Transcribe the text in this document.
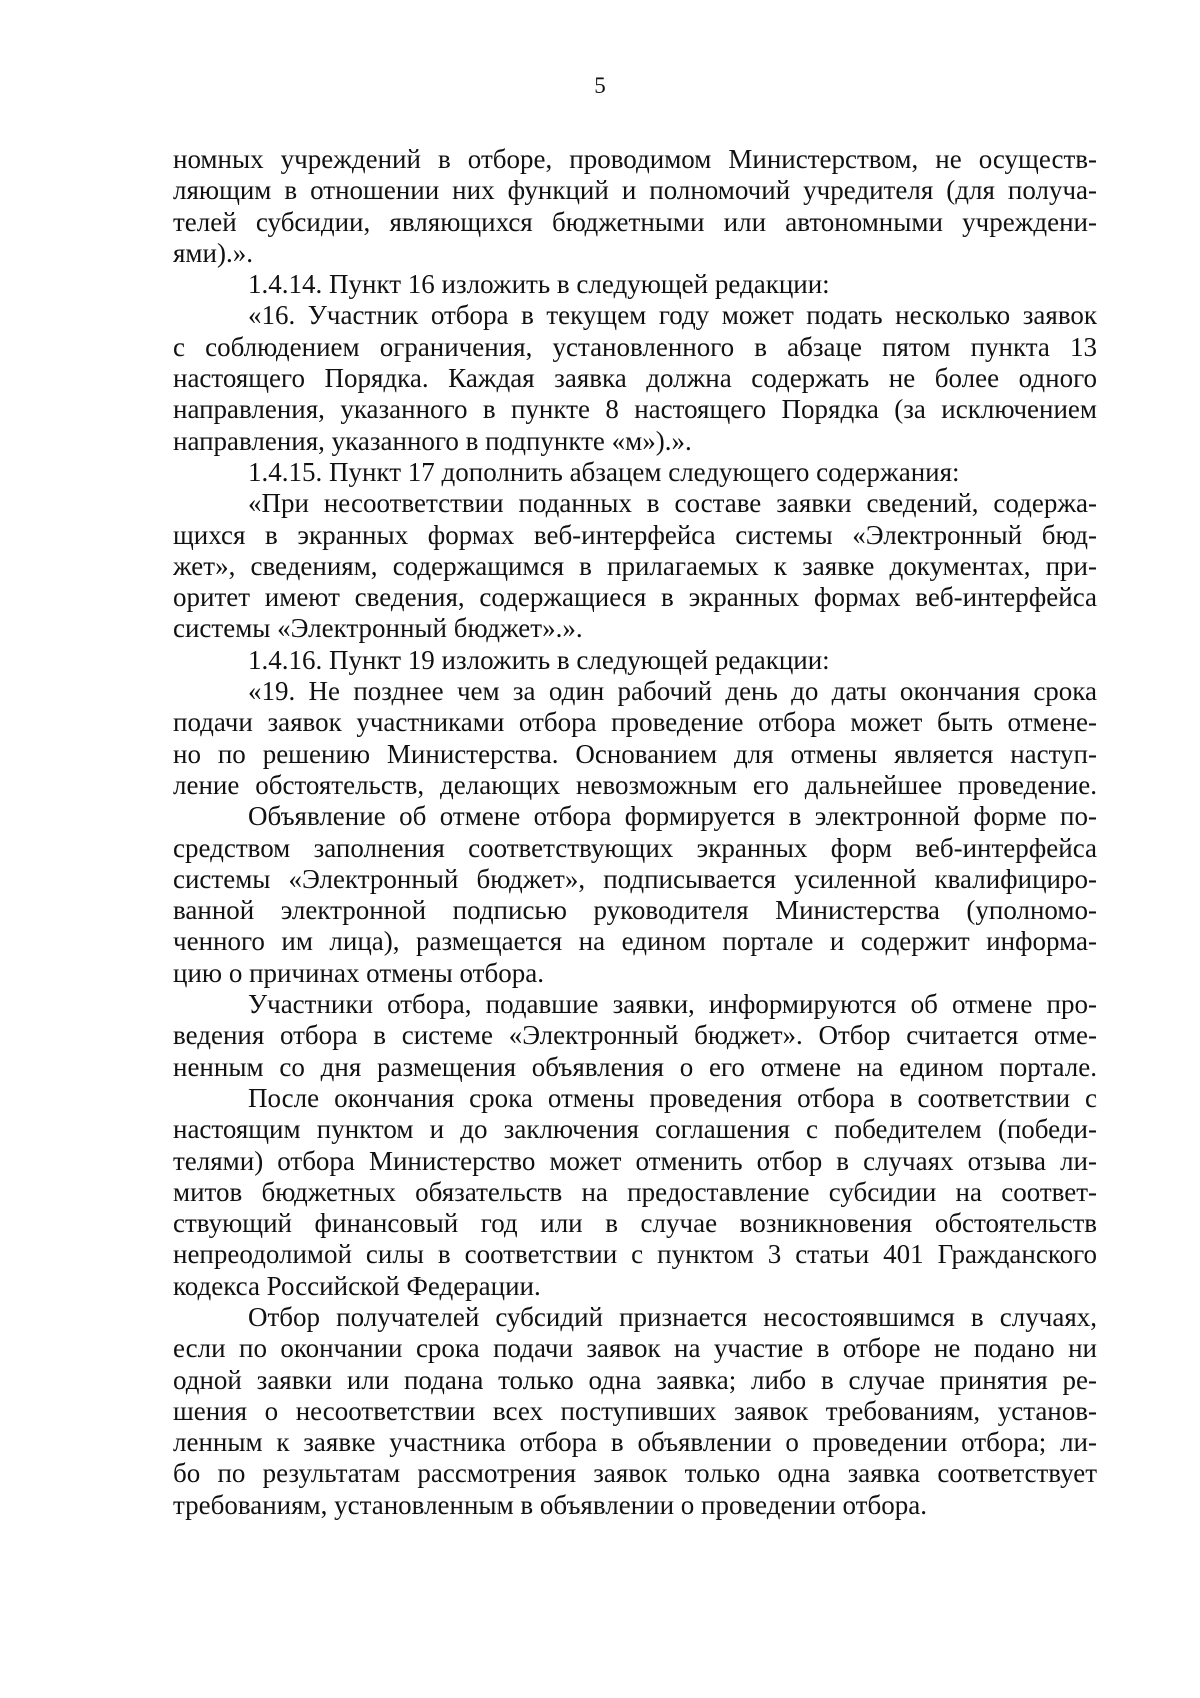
5
номных учреждений в отборе, проводимом Министерством, не осуществ-
ляющим в отношении них функций и полномочий учредителя (для получа-
телей субсидии, являющихся бюджетными или автономными учреждени-
ями).».
1.4.14. Пункт 16 изложить в следующей редакции:
«16. Участник отбора в текущем году может подать несколько заявок
с соблюдением ограничения, установленного в абзаце пятом пункта 13
настоящего Порядка. Каждая заявка должна содержать не более одного
направления, указанного в пункте 8 настоящего Порядка (за исключением
направления, указанного в подпункте «м»).».
1.4.15. Пункт 17 дополнить абзацем следующего содержания:
«При несоответствии поданных в составе заявки сведений, содержа-
щихся в экранных формах веб-интерфейса системы «Электронный бюд-
жет», сведениям, содержащимся в прилагаемых к заявке документах, при-
оритет имеют сведения, содержащиеся в экранных формах веб-интерфейса
системы «Электронный бюджет».».
1.4.16. Пункт 19 изложить в следующей редакции:
«19. Не позднее чем за один рабочий день до даты окончания срока
подачи заявок участниками отбора проведение отбора может быть отмене-
но по решению Министерства. Основанием для отмены является наступ-
ление обстоятельств, делающих невозможным его дальнейшее проведение.
Объявление об отмене отбора формируется в электронной форме по-
средством заполнения соответствующих экранных форм веб-интерфейса
системы «Электронный бюджет», подписывается усиленной квалифициро-
ванной электронной подписью руководителя Министерства (уполномо-
ченного им лица), размещается на едином портале и содержит информа-
цию о причинах отмены отбора.
Участники отбора, подавшие заявки, информируются об отмене про-
ведения отбора в системе «Электронный бюджет». Отбор считается отме-
ненным со дня размещения объявления о его отмене на едином портале.
После окончания срока отмены проведения отбора в соответствии с
настоящим пунктом и до заключения соглашения с победителем (победи-
телями) отбора Министерство может отменить отбор в случаях отзыва ли-
митов бюджетных обязательств на предоставление субсидии на соответ-
ствующий финансовый год или в случае возникновения обстоятельств
непреодолимой силы в соответствии с пунктом 3 статьи 401 Гражданского
кодекса Российской Федерации.
Отбор получателей субсидий признается несостоявшимся в случаях,
если по окончании срока подачи заявок на участие в отборе не подано ни
одной заявки или подана только одна заявка; либо в случае принятия ре-
шения о несоответствии всех поступивших заявок требованиям, установ-
ленным к заявке участника отбора в объявлении о проведении отбора; ли-
бо по результатам рассмотрения заявок только одна заявка соответствует
требованиям, установленным в объявлении о проведении отбора.
